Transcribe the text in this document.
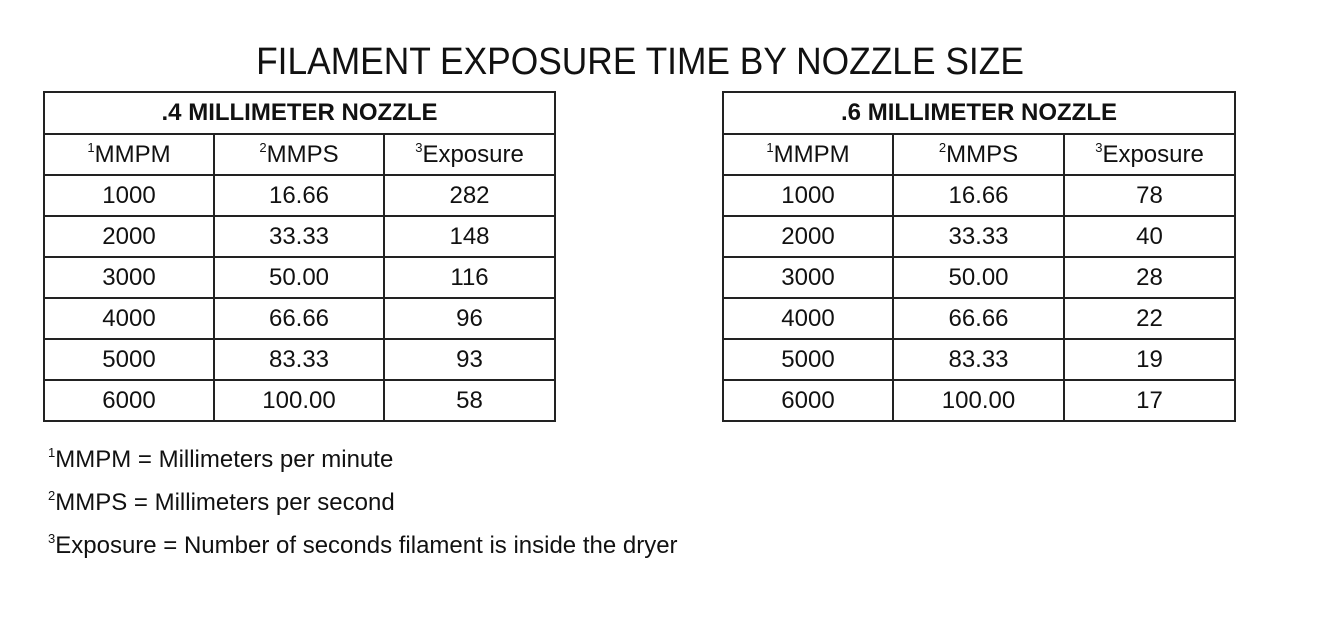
FILAMENT EXPOSURE TIME BY NOZZLE SIZE
.4 MILLIMETER NOZZLE		
$^1$MMPM	$^2$MMPS	$^3$Exposure
1000	16.66	282
2000	33.33	148
3000	50.00	116
4000	66.66	96
5000	83.33	93
6000	100.00	58
.6 MILLIMETER NOZZLE		
$^1$MMPM	$^2$MMPS	$^3$Exposure
1000	16.66	78
2000	33.33	40
3000	50.00	28
4000	66.66	22
5000	83.33	19
6000	100.00	17
$^1$MMPM = Millimeters per minute
$^2$MMPS = Millimeters per second
$^3$Exposure = Number of seconds filament is inside the dryer
